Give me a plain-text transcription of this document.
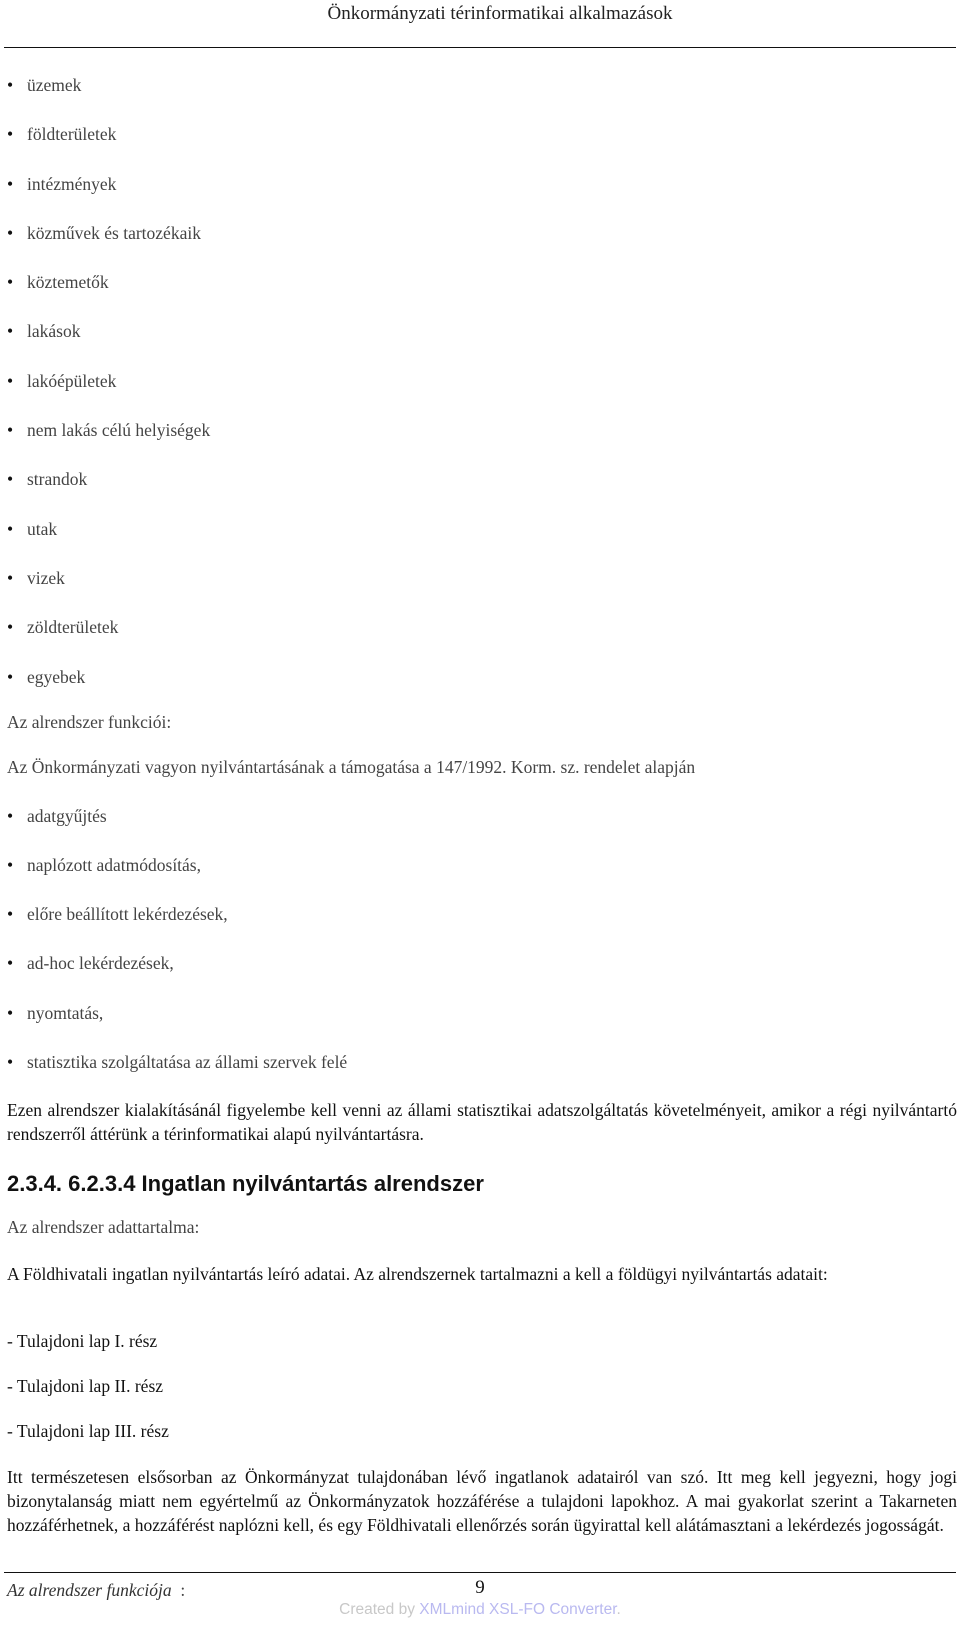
Önkormányzati térinformatikai alkalmazások
• üzemek
• földterületek
• intézmények
• közművek és tartozékaik
• köztemetők
• lakások
• lakóépületek
• nem lakás célú helyiségek
• strandok
• utak
• vizek
• zöldterületek
• egyebek

Az alrendszer funkciói:

Az Önkormányzati vagyon nyilvántartásának a támogatása a 147/1992. Korm. sz. rendelet alapján

• adatgyűjtés
• naplózott adatmódosítás,
• előre beállított lekérdezések,
• ad-hoc lekérdezések,
• nyomtatás,
• statisztika szolgáltatása az állami szervek felé

Ezen alrendszer kialakításánál figyelembe kell venni az állami statisztikai adatszolgáltatás követelményeit, amikor a régi nyilvántartó rendszerről áttérünk a térinformatikai alapú nyilvántartásra.

2.3.4. 6.2.3.4 Ingatlan nyilvántartás alrendszer

Az alrendszer adattartalma:

A Földhivatali ingatlan nyilvántartás leíró adatai. Az alrendszernek tartalmazni a kell a földügyi nyilvántartás adatait:

- Tulajdoni lap I. rész

- Tulajdoni lap II. rész

- Tulajdoni lap III. rész

Itt természetesen elsősorban az Önkormányzat tulajdonában lévő ingatlanok adatairól van szó. Itt meg kell jegyezni, hogy jogi bizonytalanság miatt nem egyértelmű az Önkormányzatok hozzáférése a tulajdoni lapokhoz. A mai gyakorlat szerint a Takarneten hozzáférhetnek, a hozzáférést naplózni kell, és egy Földhivatali ellenőrzés során ügyirattal kell alátámasztani a lekérdezés jogosságát.

Az alrendszer funkciója :	9
Created by XMLmind XSL-FO Converter.
